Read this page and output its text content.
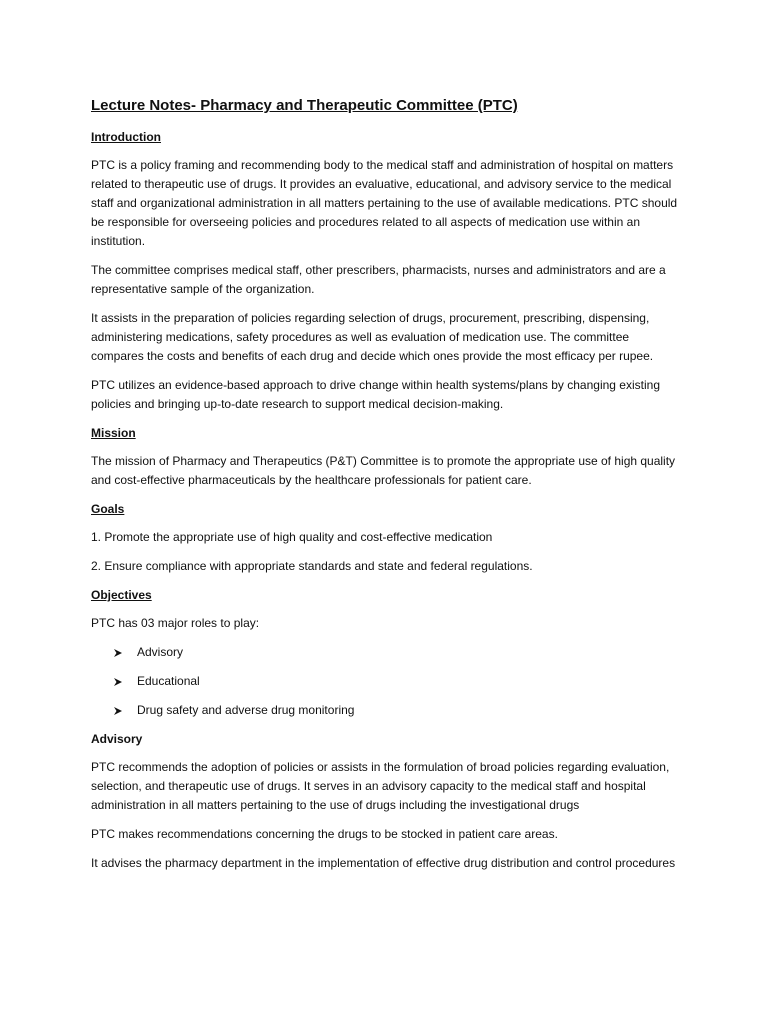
Lecture Notes- Pharmacy and Therapeutic Committee (PTC)
Introduction

PTC is a policy framing and recommending body to the medical staff and administration of hospital on matters related to therapeutic use of drugs. It provides an evaluative, educational, and advisory service to the medical staff and organizational administration in all matters pertaining to the use of available medications. PTC should be responsible for overseeing policies and procedures related to all aspects of medication use within an institution.

The committee comprises medical staff, other prescribers, pharmacists, nurses and administrators and are a representative sample of the organization.

It assists in the preparation of policies regarding selection of drugs, procurement, prescribing, dispensing, administering medications, safety procedures as well as evaluation of medication use. The committee compares the costs and benefits of each drug and decide which ones provide the most efficacy per rupee.

PTC utilizes an evidence-based approach to drive change within health systems/plans by changing existing policies and bringing up-to-date research to support medical decision-making.

Mission

The mission of Pharmacy and Therapeutics (P&T) Committee is to promote the appropriate use of high quality and cost-effective pharmaceuticals by the healthcare professionals for patient care.

Goals

1. Promote the appropriate use of high quality and cost-effective medication

2. Ensure compliance with appropriate standards and state and federal regulations.

Objectives

PTC has 03 major roles to play:

Advisory
Educational
Drug safety and adverse drug monitoring
Advisory

PTC recommends the adoption of policies or assists in the formulation of broad policies regarding evaluation, selection, and therapeutic use of drugs. It serves in an advisory capacity to the medical staff and hospital administration in all matters pertaining to the use of drugs including the investigational drugs

PTC makes recommendations concerning the drugs to be stocked in patient care areas.

It advises the pharmacy department in the implementation of effective drug distribution and control procedures
